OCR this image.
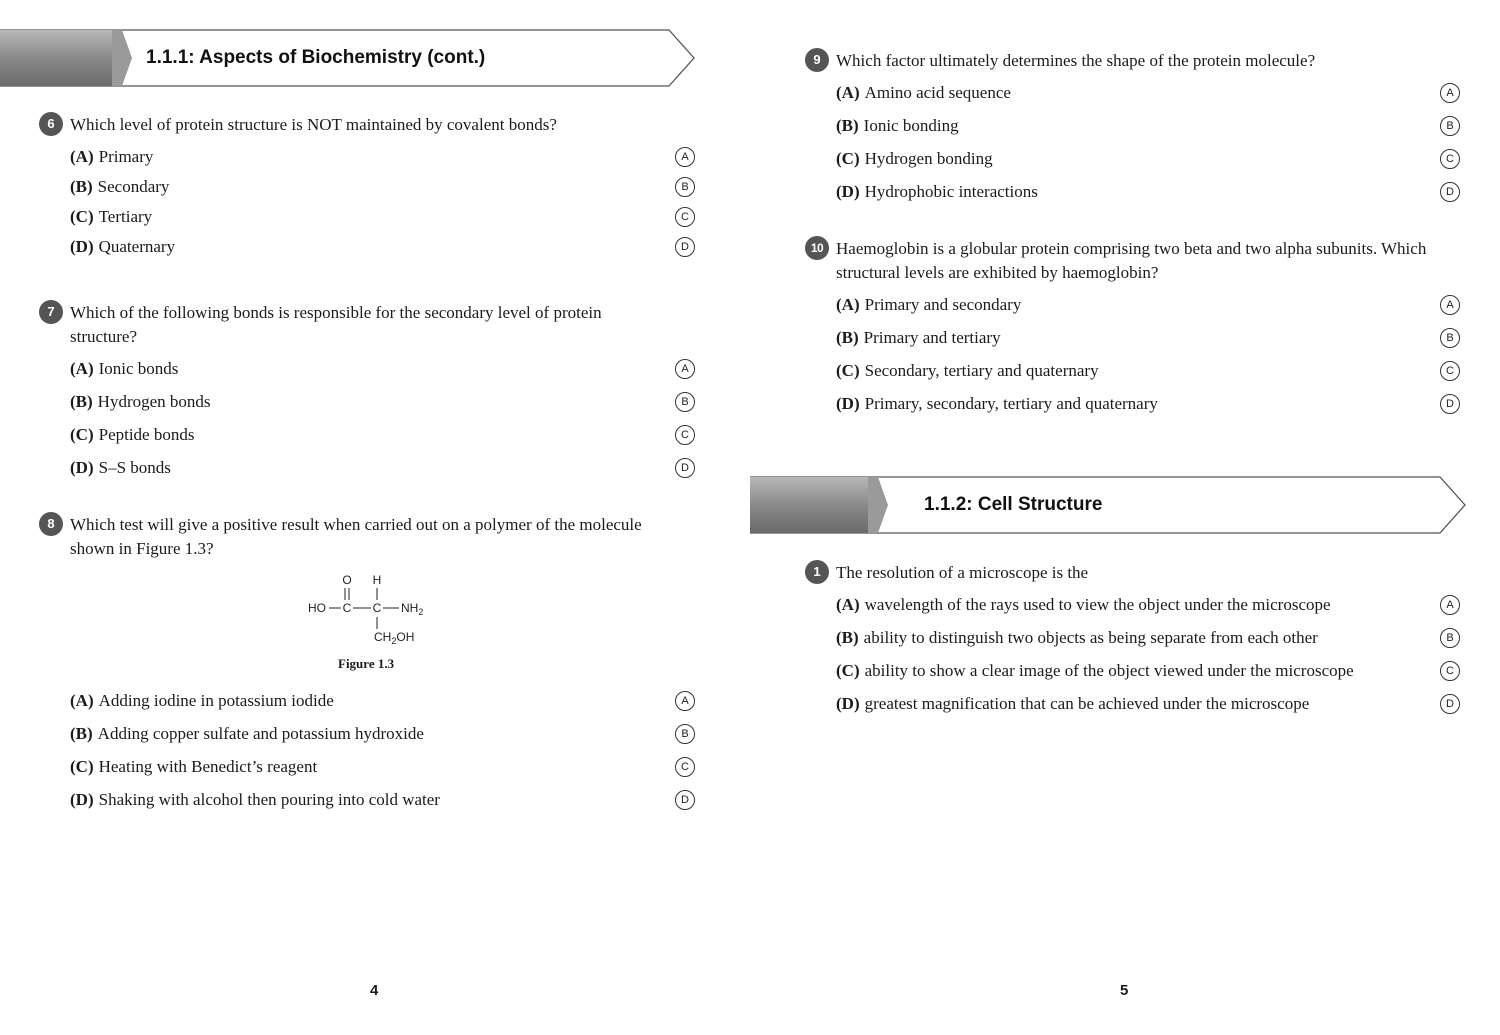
1.1.1: Aspects of Biochemistry (cont.)
6 Which level of protein structure is NOT maintained by covalent bonds?
(A) Primary	A
(B) Secondary	B
(C) Tertiary	C
(D) Quaternary	D
7 Which of the following bonds is responsible for the secondary level of protein
structure?
(A) Ionic bonds	A
(B) Hydrogen bonds	B
(C) Peptide bonds	C
(D) S–S bonds	D
8 Which test will give a positive result when carried out on a polymer of the molecule
shown in Figure 1.3?
O H
HO C C $NH_2$
$CH_2OH$
Figure 1.3
(A) Adding iodine in potassium iodide	A
(B) Adding copper sulfate and potassium hydroxide	B
(C) Heating with Benedict’s reagent	C
(D) Shaking with alcohol then pouring into cold water	D
4
9 Which factor ultimately determines the shape of the protein molecule?
(A) Amino acid sequence	A
(B) Ionic bonding	B
(C) Hydrogen bonding	C
(D) Hydrophobic interactions	D
10 Haemoglobin is a globular protein comprising two beta and two alpha subunits. Which
structural levels are exhibited by haemoglobin?
(A) Primary and secondary	A
(B) Primary and tertiary	B
(C) Secondary, tertiary and quaternary	C
(D) Primary, secondary, tertiary and quaternary	D
1.1.2: Cell Structure
1 The resolution of a microscope is the
(A) wavelength of the rays used to view the object under the microscope	A
(B) ability to distinguish two objects as being separate from each other	B
(C) ability to show a clear image of the object viewed under the microscope	C
(D) greatest magnification that can be achieved under the microscope	D
5
